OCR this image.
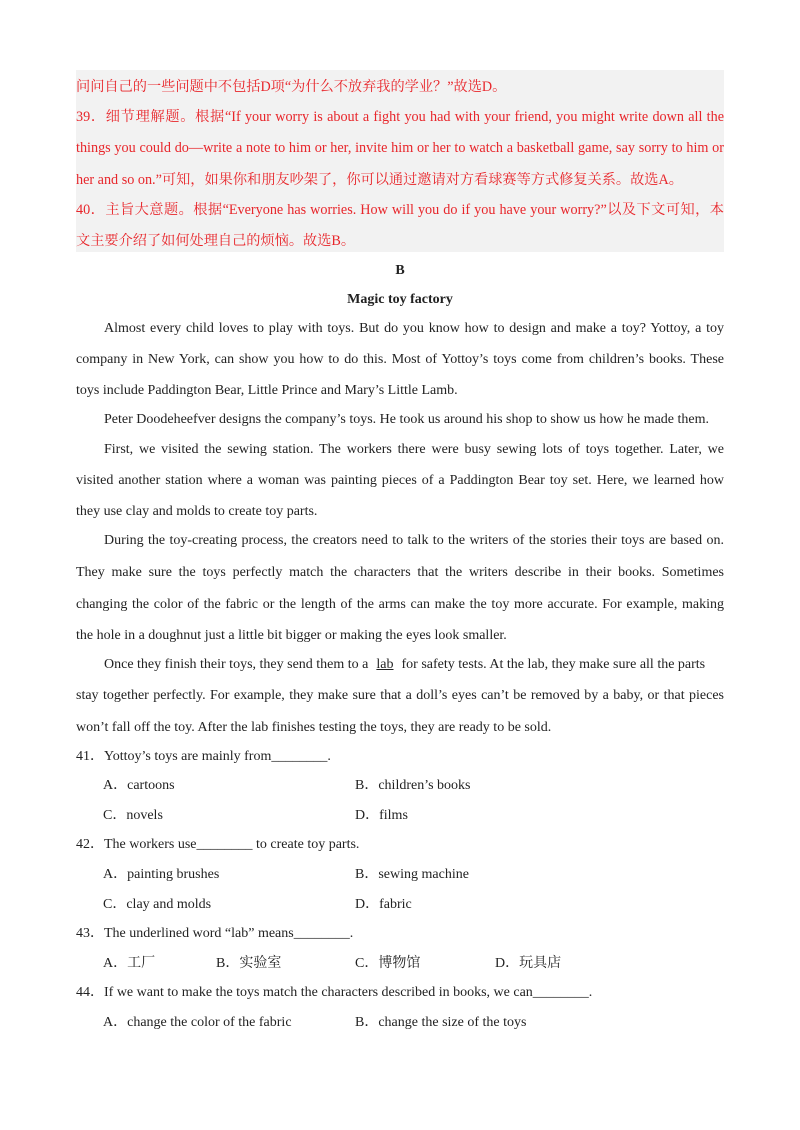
问问自己的一些问题中不包括D项“为什么不放弃我的学业？”故选D。
39．细节理解题。根据“If your worry is about a fight you had with your friend, you might write down all the
things you could do—write a note to him or her, invite him or her to watch a basketball game, say sorry to him or
her and so on.”可知，如果你和朋友吵架了，你可以通过邀请对方看球赛等方式修复关系。故选A。
40．主旨大意题。根据“Everyone has worries. How will you do if you have your worry?”以及下文可知，本
文主要介绍了如何处理自己的烦恼。故选B。
B
Magic toy factory
Almost every child loves to play with toys. But do you know how to design and make a toy? Yottoy, a toy
company in New York, can show you how to do this. Most of Yottoy’s toys come from children’s books. These
toys include Paddington Bear, Little Prince and Mary’s Little Lamb.
Peter Doodeheefver designs the company’s toys. He took us around his shop to show us how he made them.
First, we visited the sewing station. The workers there were busy sewing lots of toys together. Later, we
visited another station where a woman was painting pieces of a Paddington Bear toy set. Here, we learned how
they use clay and molds to create toy parts.
During the toy-creating process, the creators need to talk to the writers of the stories their toys are based on.
They make sure the toys perfectly match the characters that the writers describe in their books. Sometimes
changing the color of the fabric or the length of the arms can make the toy more accurate. For example, making
the hole in a doughnut just a little bit bigger or making the eyes look smaller.
Once they finish their toys, they send them to a lab for safety tests. At the lab, they make sure all the parts
stay together perfectly. For example, they make sure that a doll’s eyes can’t be removed by a baby, or that pieces
won’t fall off the toy. After the lab finishes testing the toys, they are ready to be sold.
41．Yottoy’s toys are mainly from________.
A．cartoons	B．children’s books
C．novels	D．films
42．The workers use________ to create toy parts.
A．painting brushes	B．sewing machine
C．clay and molds	D．fabric
43．The underlined word “lab” means________.
A．工厂	B．实验室	C．博物馆	D．玩具店
44．If we want to make the toys match the characters described in books, we can________.
A．change the color of the fabric	B．change the size of the toys
